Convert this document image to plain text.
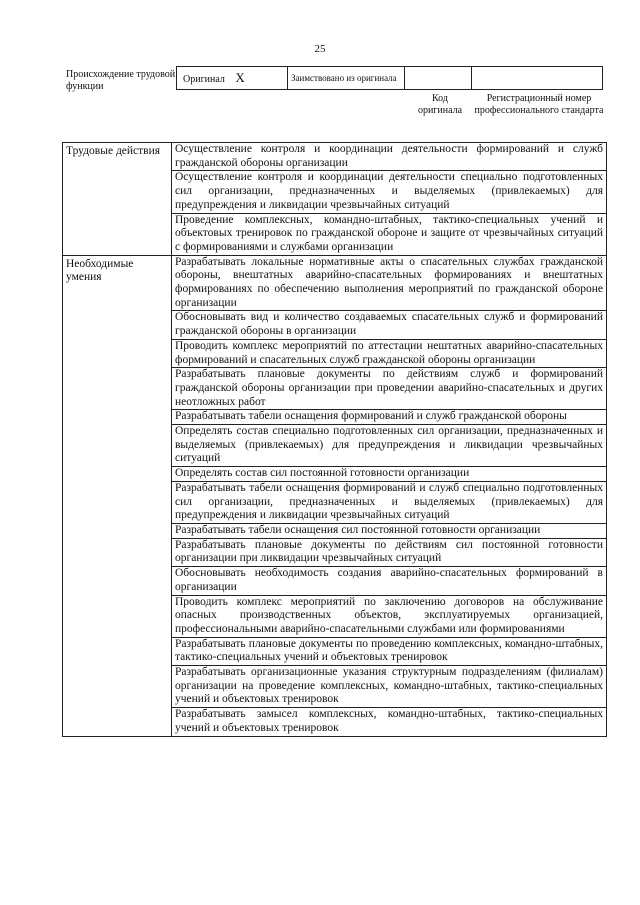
25
Происхождение трудовой функции
Оригинал X	Заимствовано из оригинала		
Код оригинала
Регистрационный номер профессионального стандарта
Трудовые действия	Осуществление контроля и координации деятельности формирований и служб гражданской обороны организации
	Осуществление контроля и координации деятельности специально подготовленных сил организации, предназначенных и выделяемых (привлекаемых) для предупреждения и ликвидации чрезвычайных ситуаций
	Проведение комплексных, командно-штабных, тактико-специальных учений и объектовых тренировок по гражданской обороне и защите от чрезвычайных ситуаций с формированиями и службами организации
Необходимые умения	Разрабатывать локальные нормативные акты о спасательных службах гражданской обороны, внештатных аварийно-спасательных формированиях и внештатных формированиях по обеспечению выполнения мероприятий по гражданской обороне организации
	Обосновывать вид и количество создаваемых спасательных служб и формирований гражданской обороны в организации
	Проводить комплекс мероприятий по аттестации нештатных аварийно-спасательных формирований и спасательных служб гражданской обороны организации
	Разрабатывать плановые документы по действиям служб и формирований гражданской обороны организации при проведении аварийно-спасательных и других неотложных работ
	Разрабатывать табели оснащения формирований и служб гражданской обороны
	Определять состав специально подготовленных сил организации, предназначенных и выделяемых (привлекаемых) для предупреждения и ликвидации чрезвычайных ситуаций
	Определять состав сил постоянной готовности организации
	Разрабатывать табели оснащения формирований и служб специально подготовленных сил организации, предназначенных и выделяемых (привлекаемых) для предупреждения и ликвидации чрезвычайных ситуаций
	Разрабатывать табели оснащения сил постоянной готовности организации
	Разрабатывать плановые документы по действиям сил постоянной готовности организации при ликвидации чрезвычайных ситуаций
	Обосновывать необходимость создания аварийно-спасательных формирований в организации
	Проводить комплекс мероприятий по заключению договоров на обслуживание опасных производственных объектов, эксплуатируемых организацией, профессиональными аварийно-спасательными службами или формированиями
	Разрабатывать плановые документы по проведению комплексных, командно-штабных, тактико-специальных учений и объектовых тренировок
	Разрабатывать организационные указания структурным подразделениям (филиалам) организации на проведение комплексных, командно-штабных, тактико-специальных учений и объектовых тренировок
	Разрабатывать замысел комплексных, командно-штабных, тактико-специальных учений и объектовых тренировок
